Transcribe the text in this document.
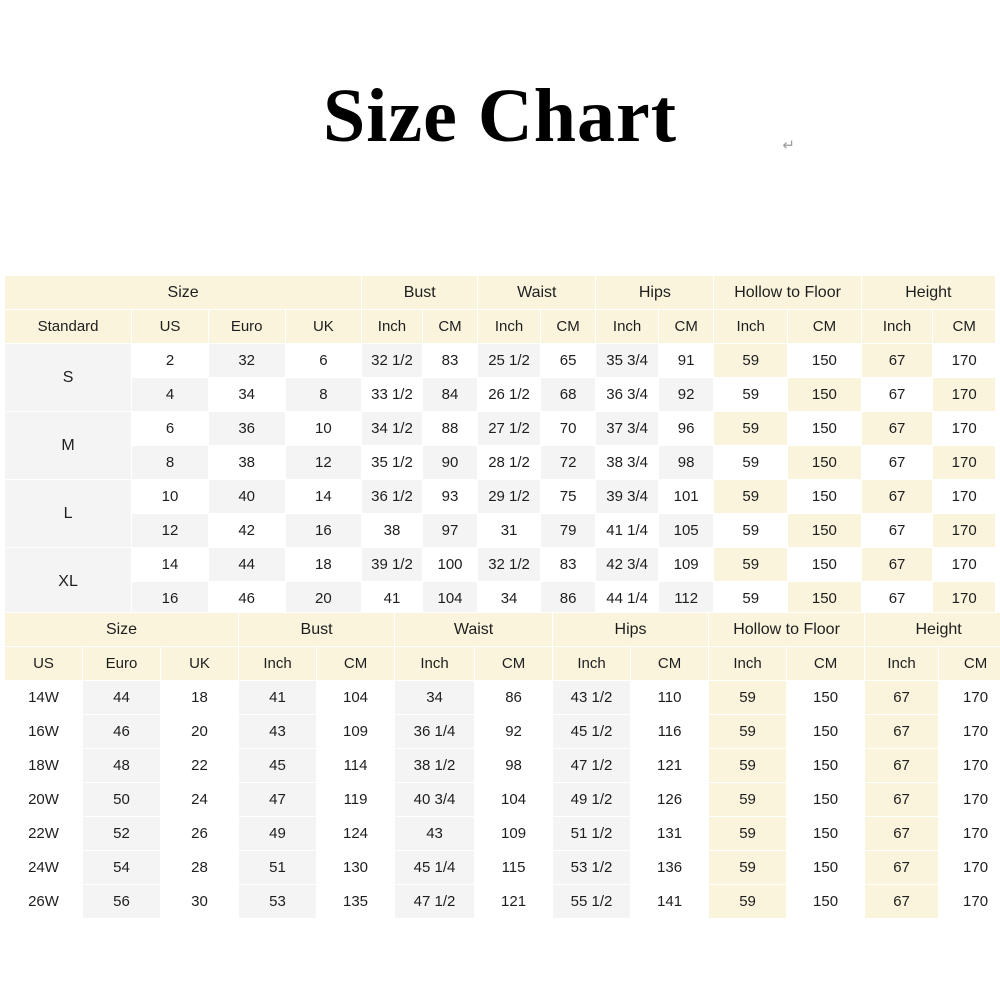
Size Chart	↵
Size				Bust		Waist		Hips		Hollow to Floor		Height	
Standard	US	Euro	UK	Inch	CM	Inch	CM	Inch	CM	Inch	CM	Inch	CM
S	2	32	6	32 1/2	83	25 1/2	65	35 3/4	91	59	150	67	170
	4	34	8	33 1/2	84	26 1/2	68	36 3/4	92	59	150	67	170
M	6	36	10	34 1/2	88	27 1/2	70	37 3/4	96	59	150	67	170
	8	38	12	35 1/2	90	28 1/2	72	38 3/4	98	59	150	67	170
L	10	40	14	36 1/2	93	29 1/2	75	39 3/4	101	59	150	67	170
	12	42	16	38	97	31	79	41 1/4	105	59	150	67	170
XL	14	44	18	39 1/2	100	32 1/2	83	42 3/4	109	59	150	67	170
	16	46	20	41	104	34	86	44 1/4	112	59	150	67	170
Size			Bust		Waist		Hips		Hollow to Floor		Height	
US	Euro	UK	Inch	CM	Inch	CM	Inch	CM	Inch	CM	Inch	CM
14W	44	18	41	104	34	86	43 1/2	110	59	150	67	170
16W	46	20	43	109	36 1/4	92	45 1/2	116	59	150	67	170
18W	48	22	45	114	38 1/2	98	47 1/2	121	59	150	67	170
20W	50	24	47	119	40 3/4	104	49 1/2	126	59	150	67	170
22W	52	26	49	124	43	109	51 1/2	131	59	150	67	170
24W	54	28	51	130	45 1/4	115	53 1/2	136	59	150	67	170
26W	56	30	53	135	47 1/2	121	55 1/2	141	59	150	67	170
